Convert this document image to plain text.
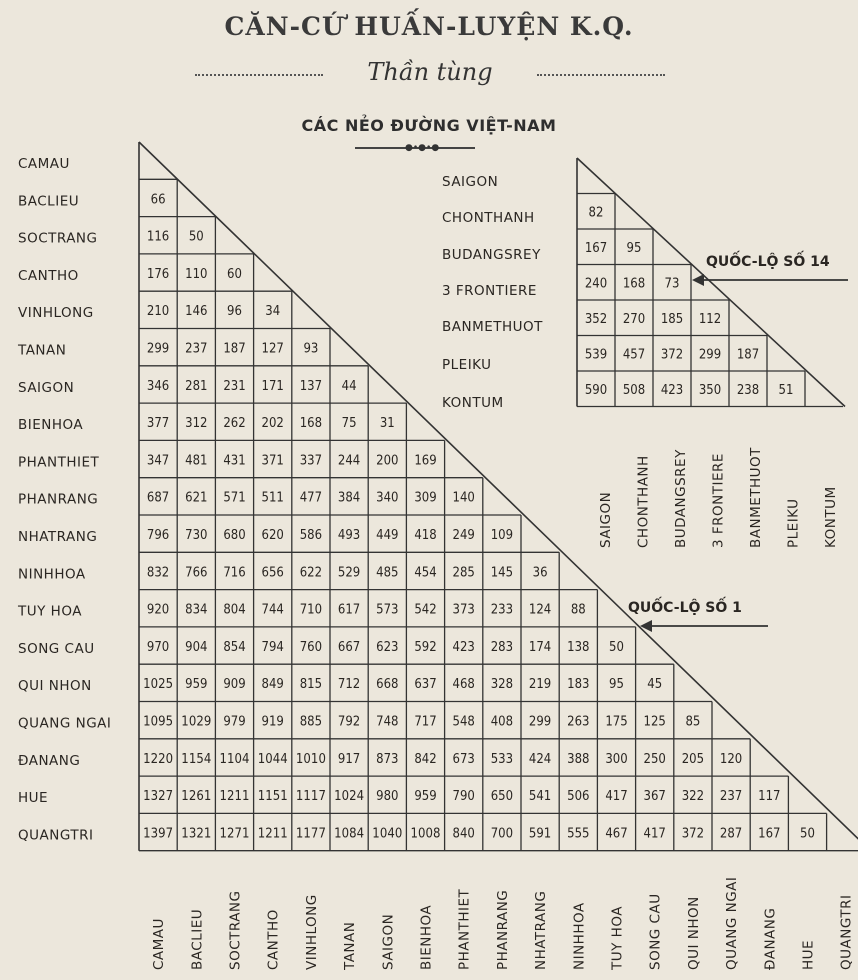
CĂN-CỨ HUẤN-LUYỆN K.Q.
Thần tùng
CÁC NẺO ĐƯỜNG VIỆT-NAM
●•●•●
CAMAU
BACLIEU
SOCTRANG
CANTHO
VINHLONG
TANAN
SAIGON
BIENHOA
PHANTHIET
PHANRANG
NHATRANG
NINHHOA
TUY HOA
SONG CAU
QUI NHON
QUANG NGAI
ĐANANG
HUE
QUANGTRI
66
116 50
176 110 60
210 146 96 34
299 237 187 127 93
346 281 231 171 137 44
377 312 262 202 168 75 31
347 481 431 371 337 244 200 169
687 621 571 511 477 384 340 309 140
796 730 680 620 586 493 449 418 249 109
832 766 716 656 622 529 485 454 285 145 36
920 834 804 744 710 617 573 542 373 233 124 88
970 904 854 794 760 667 623 592 423 283 174 138 50
1025 959 909 849 815 712 668 637 468 328 219 183 95 45
1095 1029 979 919 885 792 748 717 548 408 299 263 175 125 85
1220 1154 1104 1044 1010 917 873 842 673 533 424 388 300 250 205 120
1327 1261 1211 1151 1117 1024 980 959 790 650 541 506 417 367 322 237 117
1397 1321 1271 1211 1177 1084 1040 1008 840 700 591 555 467 417 372 287 167 50
CAMAU BACLIEU SOCTRANG CANTHO VINHLONG TANAN SAIGON BIENHOA PHANTHIET PHANRANG NHATRANG NINHHOA TUY HOA SONG CAU QUI NHON QUANG NGAI ĐANANG HUE QUANGTRI
QUỐC-LỘ SỐ 1
SAIGON
CHONTHANH
BUDANGSREY
3 FRONTIERE
BANMETHUOT
PLEIKU
KONTUM
82
167 95
240 168 73
352 270 185 112
539 457 372 299 187
590 508 423 350 238 51
SAIGON CHONTHANH BUDANGSREY 3 FRONTIERE BANMETHUOT PLEIKU KONTUM
QUỐC-LỘ SỐ 14
